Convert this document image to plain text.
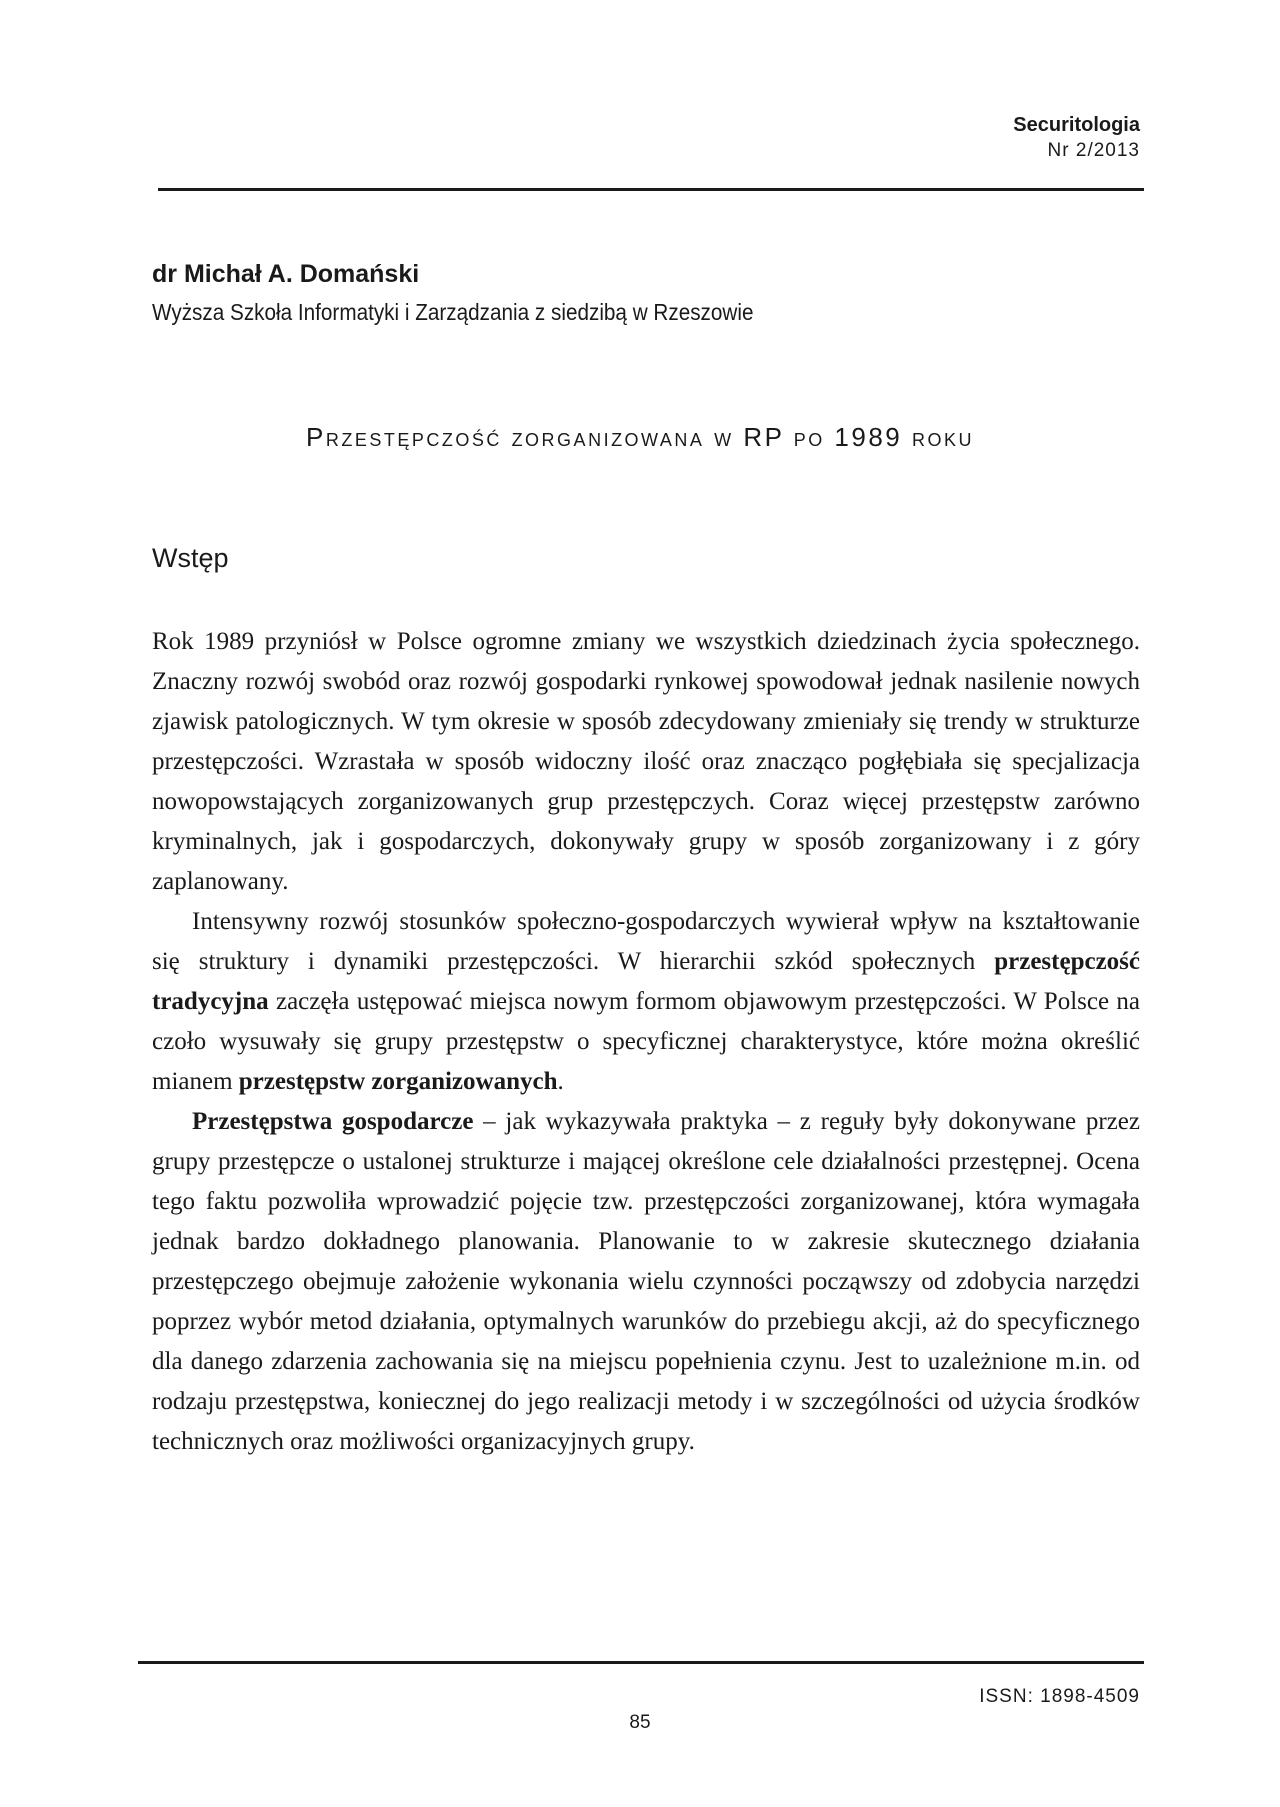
Securitologia
Nr 2/2013
dr Michał A. Domański
Wyższa Szkoła Informatyki i Zarządzania z siedzibą w Rzeszowie
Przestępczość zorganizowana w RP po 1989 roku
Wstęp

Rok 1989 przyniósł w Polsce ogromne zmiany we wszystkich dziedzinach życia społecznego. Znaczny rozwój swobód oraz rozwój gospodarki rynkowej spowodował jednak nasilenie nowych zjawisk patologicznych. W tym okresie w sposób zdecydowany zmieniały się trendy w strukturze przestępczości. Wzrastała w sposób widoczny ilość oraz znacząco pogłębiała się specjalizacja nowopowstających zorganizowanych grup przestępczych. Coraz więcej przestępstw zarówno kryminalnych, jak i gospodarczych, dokonywały grupy w sposób zorganizowany i z góry zaplanowany.

Intensywny rozwój stosunków społeczno-gospodarczych wywierał wpływ na kształtowanie się struktury i dynamiki przestępczości. W hierarchii szkód społecznych przestępczość tradycyjna zaczęła ustępować miejsca nowym formom objawowym przestępczości. W Polsce na czoło wysuwały się grupy przestępstw o specyficznej charakterystyce, które można określić mianem przestępstw zorganizowanych.

Przestępstwa gospodarcze – jak wykazywała praktyka – z reguły były dokonywane przez grupy przestępcze o ustalonej strukturze i mającej określone cele działalności przestępnej. Ocena tego faktu pozwoliła wprowadzić pojęcie tzw. przestępczości zorganizowanej, która wymagała jednak bardzo dokładnego planowania. Planowanie to w zakresie skutecznego działania przestępczego obejmuje założenie wykonania wielu czynności począwszy od zdobycia narzędzi poprzez wybór metod działania, optymalnych warunków do przebiegu akcji, aż do specyficznego dla danego zdarzenia zachowania się na miejscu popełnienia czynu. Jest to uzależnione m.in. od rodzaju przestępstwa, koniecznej do jego realizacji metody i w szczególności od użycia środków technicznych oraz możliwości organizacyjnych grupy.

ISSN: 1898-4509
85
